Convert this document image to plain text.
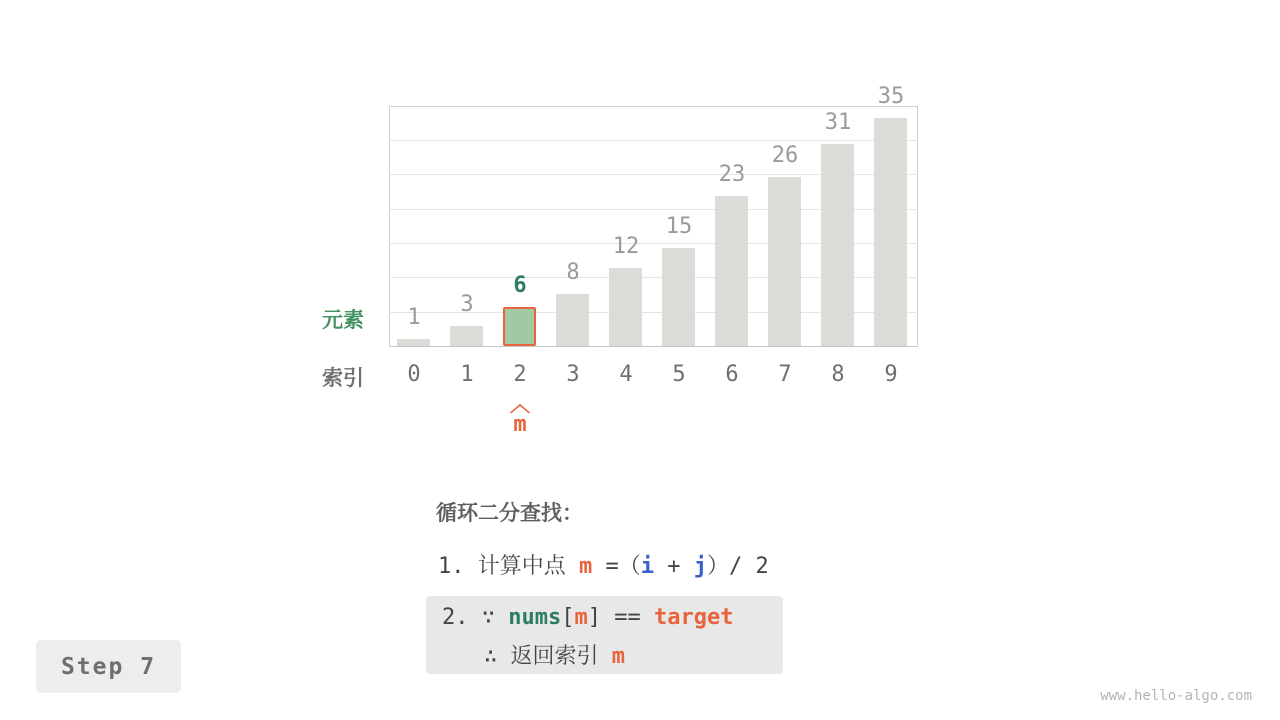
1
3
6
8
12
15
23
26
31
35
元素
索引	0	1	2	3	4	5	6	7	8	9
︿
m
循环二分查找：
1. 计算中点 m =（i + j）/ 2
2. ∵ nums[m] == target
∴ 返回索引 m
Step 7
www.hello-algo.com
